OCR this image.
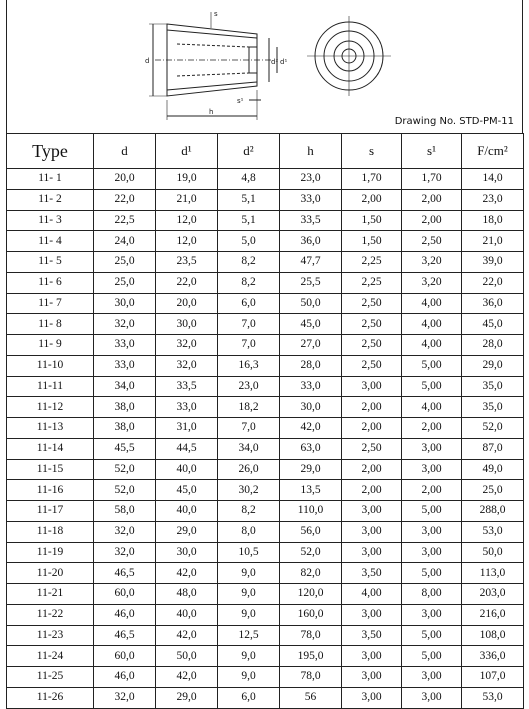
s
d	d² d¹
s¹
h
Drawing No. STD-PM-11
Type	d	d¹	d²	h	s	s¹	F/cm²
11- 1	20,0	19,0	4,8	23,0	1,70	1,70	14,0
11- 2	22,0	21,0	5,1	33,0	2,00	2,00	23,0
11- 3	22,5	12,0	5,1	33,5	1,50	2,00	18,0
11- 4	24,0	12,0	5,0	36,0	1,50	2,50	21,0
11- 5	25,0	23,5	8,2	47,7	2,25	3,20	39,0
11- 6	25,0	22,0	8,2	25,5	2,25	3,20	22,0
11- 7	30,0	20,0	6,0	50,0	2,50	4,00	36,0
11- 8	32,0	30,0	7,0	45,0	2,50	4,00	45,0
11- 9	33,0	32,0	7,0	27,0	2,50	4,00	28,0
11-10	33,0	32,0	16,3	28,0	2,50	5,00	29,0
11-11	34,0	33,5	23,0	33,0	3,00	5,00	35,0
11-12	38,0	33,0	18,2	30,0	2,00	4,00	35,0
11-13	38,0	31,0	7,0	42,0	2,00	2,00	52,0
11-14	45,5	44,5	34,0	63,0	2,50	3,00	87,0
11-15	52,0	40,0	26,0	29,0	2,00	3,00	49,0
11-16	52,0	45,0	30,2	13,5	2,00	2,00	25,0
11-17	58,0	40,0	8,2	110,0	3,00	5,00	288,0
11-18	32,0	29,0	8,0	56,0	3,00	3,00	53,0
11-19	32,0	30,0	10,5	52,0	3,00	3,00	50,0
11-20	46,5	42,0	9,0	82,0	3,50	5,00	113,0
11-21	60,0	48,0	9,0	120,0	4,00	8,00	203,0
11-22	46,0	40,0	9,0	160,0	3,00	3,00	216,0
11-23	46,5	42,0	12,5	78,0	3,50	5,00	108,0
11-24	60,0	50,0	9,0	195,0	3,00	5,00	336,0
11-25	46,0	42,0	9,0	78,0	3,00	3,00	107,0
11-26	32,0	29,0	6,0	56	3,00	3,00	53,0
